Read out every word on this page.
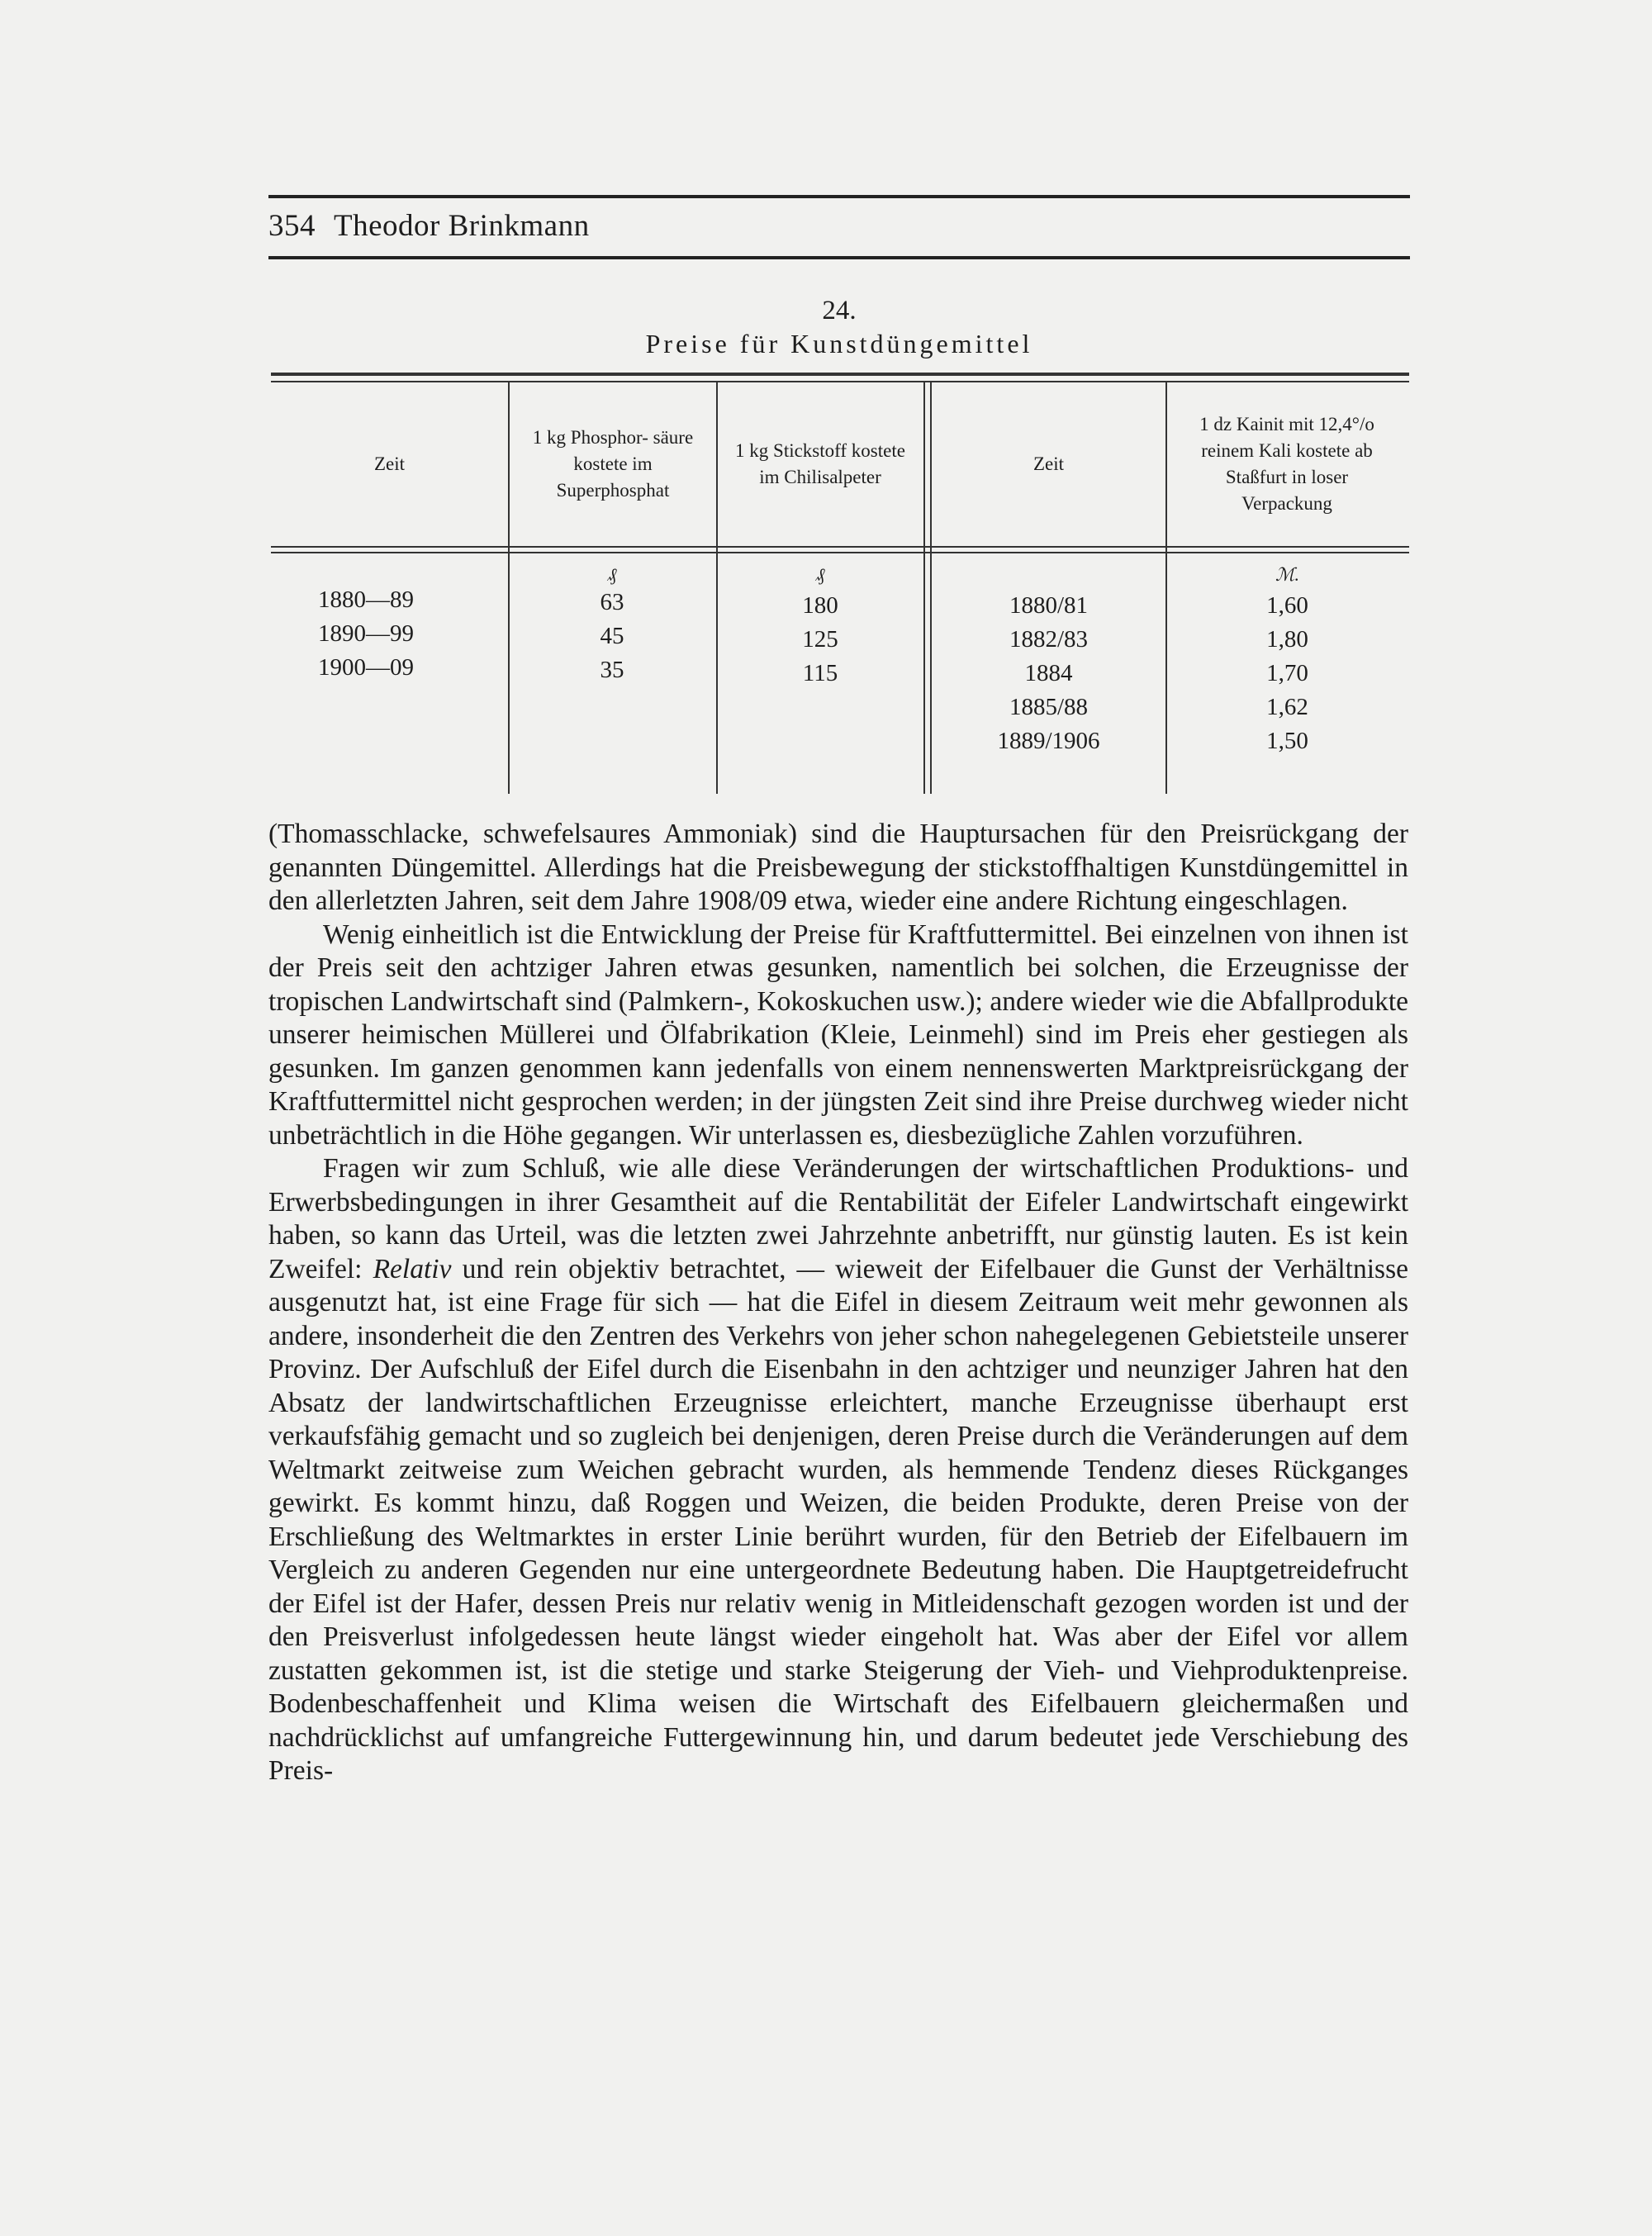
354 Theodor Brinkmann
24.
Preise für Kunstdüngemittel
Zeit
1 kg Phosphor- säure kostete im Superphosphat
1 kg Stickstoff kostete im Chilisalpeter
Zeit
1 dz Kainit mit 12,4°/o reinem Kali kostete ab Staßfurt in loser Verpackung
₰	₰	ℳ.
1880—89
1890—99
1900—09
63
45
35
180
125
115
1880/81
1882/83
1884
1885/88
1889/1906
1,60
1,80
1,70
1,62
1,50

(Thomasschlacke, schwefelsaures Ammoniak) sind die Hauptursachen für den Preisrückgang der genannten Düngemittel. Allerdings hat die Preisbewegung der stickstoffhaltigen Kunstdüngemittel in den allerletzten Jahren, seit dem Jahre 1908/09 etwa, wieder eine andere Richtung eingeschlagen.

Wenig einheitlich ist die Entwicklung der Preise für Kraftfuttermittel. Bei einzelnen von ihnen ist der Preis seit den achtziger Jahren etwas gesunken, namentlich bei solchen, die Erzeugnisse der tropischen Landwirtschaft sind (Palmkern-, Kokoskuchen usw.); andere wieder wie die Abfallprodukte unserer heimischen Müllerei und Ölfabrikation (Kleie, Leinmehl) sind im Preis eher gestiegen als gesunken. Im ganzen genommen kann jedenfalls von einem nennenswerten Marktpreisrückgang der Kraftfuttermittel nicht gesprochen werden; in der jüngsten Zeit sind ihre Preise durchweg wieder nicht unbeträchtlich in die Höhe gegangen. Wir unterlassen es, diesbezügliche Zahlen vorzuführen.

Fragen wir zum Schluß, wie alle diese Veränderungen der wirtschaftlichen Produktions- und Erwerbsbedingungen in ihrer Gesamtheit auf die Rentabilität der Eifeler Landwirtschaft eingewirkt haben, so kann das Urteil, was die letzten zwei Jahrzehnte anbetrifft, nur günstig lauten. Es ist kein Zweifel: Relativ und rein objektiv betrachtet, — wieweit der Eifelbauer die Gunst der Verhältnisse ausgenutzt hat, ist eine Frage für sich — hat die Eifel in diesem Zeitraum weit mehr gewonnen als andere, insonderheit die den Zentren des Verkehrs von jeher schon nahegelegenen Gebietsteile unserer Provinz. Der Aufschluß der Eifel durch die Eisenbahn in den achtziger und neunziger Jahren hat den Absatz der landwirtschaftlichen Erzeugnisse erleichtert, manche Erzeugnisse überhaupt erst verkaufsfähig gemacht und so zugleich bei denjenigen, deren Preise durch die Veränderungen auf dem Weltmarkt zeitweise zum Weichen gebracht wurden, als hemmende Tendenz dieses Rückganges gewirkt. Es kommt hinzu, daß Roggen und Weizen, die beiden Produkte, deren Preise von der Erschließung des Weltmarktes in erster Linie berührt wurden, für den Betrieb der Eifelbauern im Vergleich zu anderen Gegenden nur eine untergeordnete Bedeutung haben. Die Hauptgetreidefrucht der Eifel ist der Hafer, dessen Preis nur relativ wenig in Mitleidenschaft gezogen worden ist und der den Preisverlust infolgedessen heute längst wieder eingeholt hat. Was aber der Eifel vor allem zustatten gekommen ist, ist die stetige und starke Steigerung der Vieh- und Viehproduktenpreise. Bodenbeschaffenheit und Klima weisen die Wirtschaft des Eifelbauern gleichermaßen und nachdrücklichst auf umfangreiche Futtergewinnung hin, und darum bedeutet jede Verschiebung des Preis-
